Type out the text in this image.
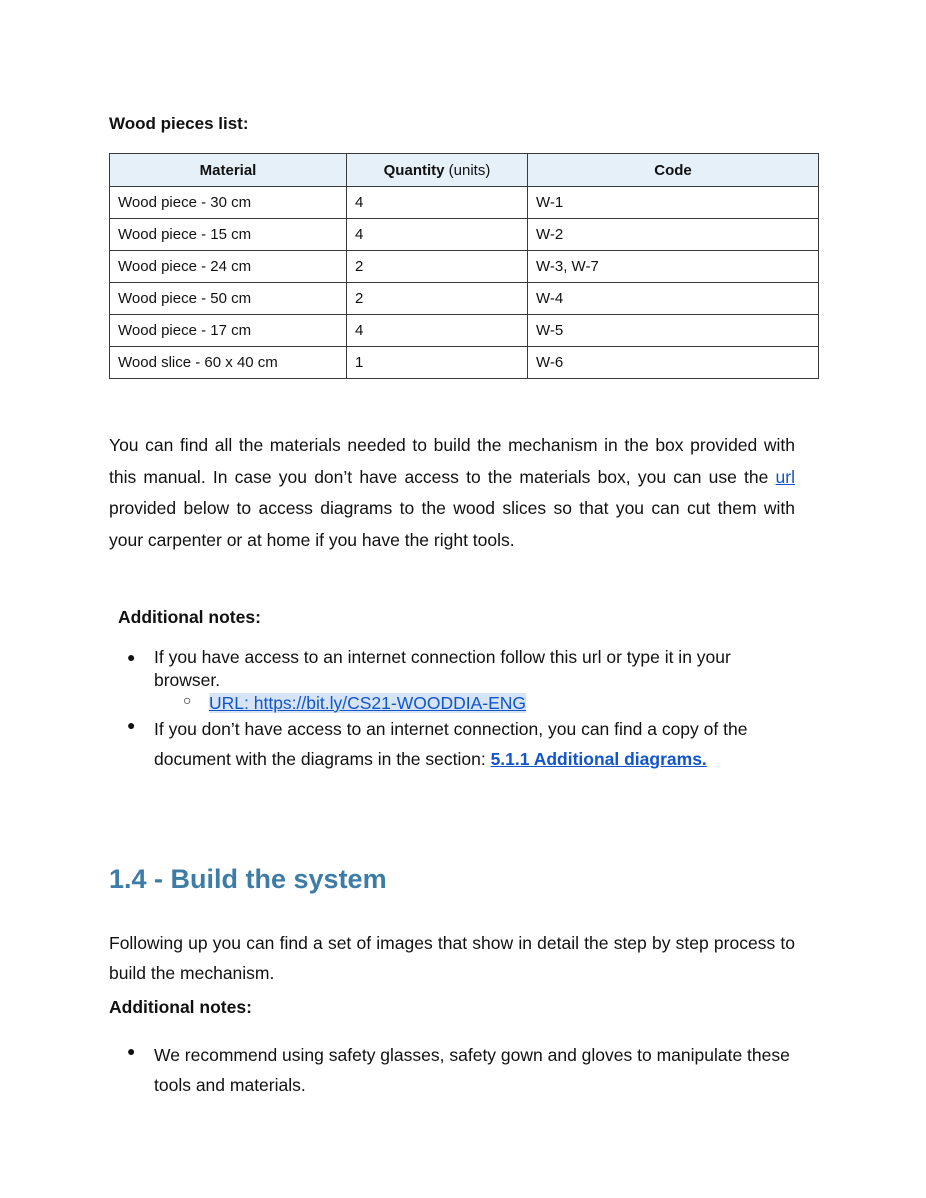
Wood pieces list:
Material	Quantity (units)	Code
Wood piece - 30 cm	4	W-1
Wood piece - 15 cm	4	W-2
Wood piece - 24 cm	2	W-3, W-7
Wood piece - 50 cm	2	W-4
Wood piece - 17 cm	4	W-5
Wood slice - 60 x 40 cm	1	W-6
You can find all the materials needed to build the mechanism in the box provided with this manual. In case you don’t have access to the materials box, you can use the url provided below to access diagrams to the wood slices so that you can cut them with your carpenter or at home if you have the right tools.
Additional notes:
● If you have access to an internet connection follow this url or type it in your browser.
○ URL: https://bit.ly/CS21-WOODDIA-ENG
● If you don’t have access to an internet connection, you can find a copy of the document with the diagrams in the section: 5.1.1 Additional diagrams.
1.4 - Build the system
Following up you can find a set of images that show in detail the step by step process to build the mechanism.
Additional notes:
● We recommend using safety glasses, safety gown and gloves to manipulate these tools and materials.
